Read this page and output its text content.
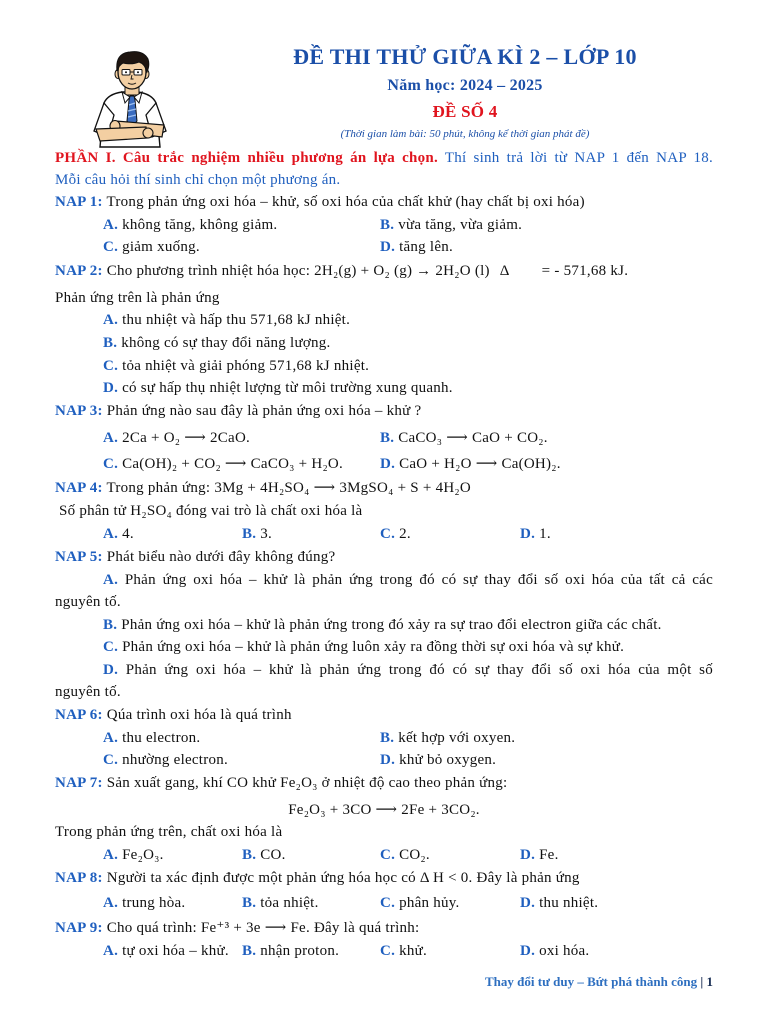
ĐỀ THI THỬ GIỮA KÌ 2 – LỚP 10
Năm học: 2024 – 2025
ĐỀ SỐ 4
(Thời gian làm bài: 50 phút, không kể thời gian phát đề)
PHẦN I. Câu trắc nghiệm nhiều phương án lựa chọn. Thí sinh trả lời từ NAP 1 đến NAP 18.
Mỗi câu hỏi thí sinh chỉ chọn một phương án.
NAP 1: Trong phản ứng oxi hóa – khử, số oxi hóa của chất khử (hay chất bị oxi hóa)
A. không tăng, không giảm.	B. vừa tăng, vừa giảm.
C. giảm xuống.	D. tăng lên.
NAP 2: Cho phương trình nhiệt hóa học: 2H₂(g) + O₂ (g) → 2H₂O (l) Δ = - 571,68 kJ.
Phản ứng trên là phản ứng
A. thu nhiệt và hấp thu 571,68 kJ nhiệt.
B. không có sự thay đổi năng lượng.
C. tỏa nhiệt và giải phóng 571,68 kJ nhiệt.
D. có sự hấp thụ nhiệt lượng từ môi trường xung quanh.
NAP 3: Phản ứng nào sau đây là phản ứng oxi hóa – khử ?
A. 2Ca + O₂ ⟶ 2CaO.	B. CaCO₃ ⟶ CaO + CO₂.
C. Ca(OH)₂ + CO₂ ⟶ CaCO₃ + H₂O. D. CaO + H₂O ⟶ Ca(OH)₂.
NAP 4: Trong phản ứng: 3Mg + 4H₂SO₄ ⟶ 3MgSO₄ + S + 4H₂O
Số phân tử H₂SO₄ đóng vai trò là chất oxi hóa là
A. 4.	B. 3.	C. 2.	D. 1.
NAP 5: Phát biểu nào dưới đây không đúng?
A. Phản ứng oxi hóa – khử là phản ứng trong đó có sự thay đổi số oxi hóa của tất cả các
nguyên tố.
B. Phản ứng oxi hóa – khử là phản ứng trong đó xảy ra sự trao đổi electron giữa các chất.
C. Phản ứng oxi hóa – khử là phản ứng luôn xảy ra đồng thời sự oxi hóa và sự khử.
D. Phản ứng oxi hóa – khử là phản ứng trong đó có sự thay đổi số oxi hóa của một số
nguyên tố.
NAP 6: Qúa trình oxi hóa là quá trình
A. thu electron.	B. kết hợp với oxyen.
C. nhường electron.	D. khử bỏ oxygen.
NAP 7: Sản xuất gang, khí CO khử Fe₂O₃ ở nhiệt độ cao theo phản ứng:
Fe₂O₃ + 3CO ⟶ 2Fe + 3CO₂.
Trong phản ứng trên, chất oxi hóa là
A. Fe₂O₃.	B. CO.	C. CO₂.	D. Fe.
NAP 8: Người ta xác định được một phản ứng hóa học có Δ H < 0. Đây là phản ứng
A. trung hòa.	B. tỏa nhiệt.	C. phân hủy.	D. thu nhiệt.
NAP 9: Cho quá trình: Fe⁺³ + 3e ⟶ Fe. Đây là quá trình:
A. tự oxi hóa – khử. B. nhận proton.	C. khử.	D. oxi hóa.
Thay đổi tư duy – Bứt phá thành công | 1
